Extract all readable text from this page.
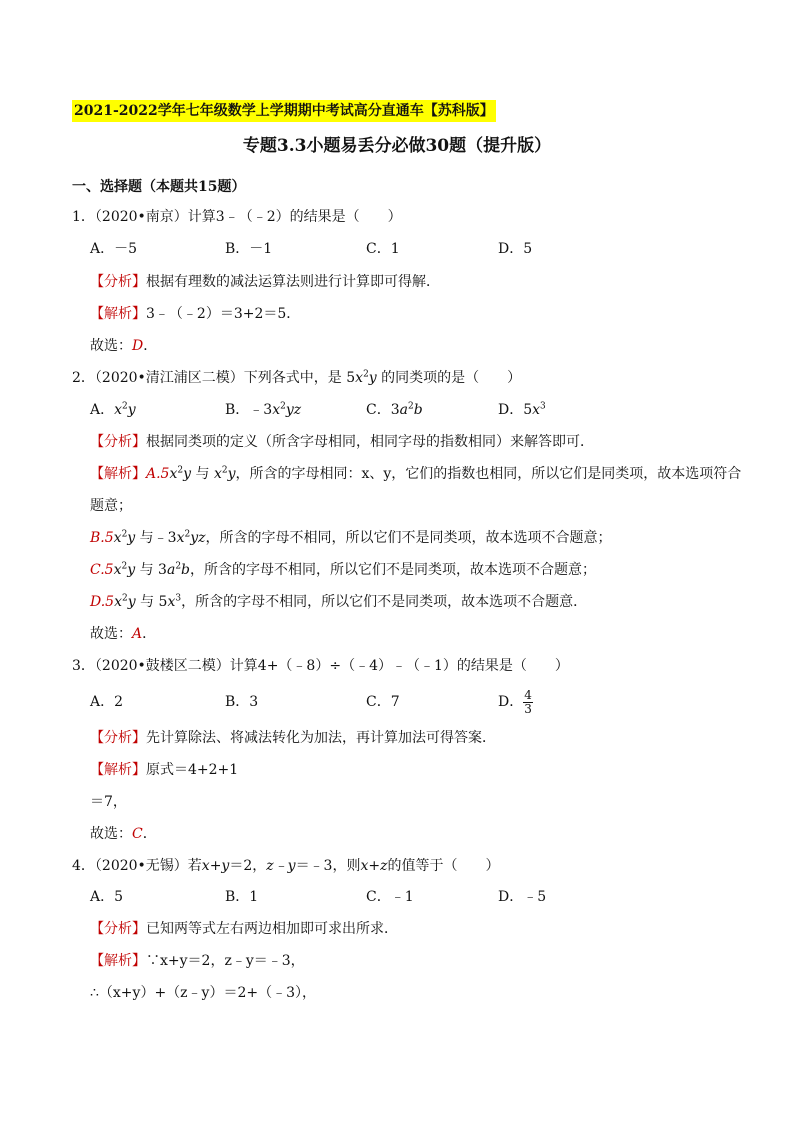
2021-2022学年七年级数学上学期期中考试高分直通车【苏科版】
专题3.3小题易丢分必做30题（提升版）
一、选择题（本题共15题）
1．（2020•南京）计算3﹣（﹣2）的结果是（　　）
A．－5	B．－1	C．1	D．5
【分析】根据有理数的减法运算法则进行计算即可得解．
【解析】3﹣（﹣2）＝3+2＝5．
故选：D．
2．（2020•清江浦区二模）下列各式中，是 $5x^2y$ 的同类项的是（　　）
A．$x^2y$	B．$﹣3x^2yz$	C．$3a^2b$	D．$5x^3$
【分析】根据同类项的定义（所含字母相同，相同字母的指数相同）来解答即可．
【解析】$A.5x^2y$ 与 $x^2y$，所含的字母相同：x、y，它们的指数也相同，所以它们是同类项，故本选项符合
题意；
$B.5x^2y$ 与$﹣3x^2yz$，所含的字母不相同，所以它们不是同类项，故本选项不合题意；
$C.5x^2y$ 与 $3a^2b$，所含的字母不相同，所以它们不是同类项，故本选项不合题意；
$D.5x^2y$ 与 $5x^3$，所含的字母不相同，所以它们不是同类项，故本选项不合题意．
故选：A．
3．（2020•鼓楼区二模）计算4+（﹣8）÷（﹣4）﹣（﹣1）的结果是（　　）
A．2	B．3	C．7	D． $\frac{4}{3}$
【分析】先计算除法、将减法转化为加法，再计算加法可得答案．
【解析】原式＝4+2+1
＝7，
故选：C．
4．（2020•无锡）若x+y＝2，z﹣y＝﹣3，则x+z的值等于（　　）
A．5	B．1	C．﹣1	D．﹣5
【分析】已知两等式左右两边相加即可求出所求．
【解析】∵x+y＝2，z﹣y＝﹣3，
∴（x+y）+（z﹣y）＝2+（﹣3），
